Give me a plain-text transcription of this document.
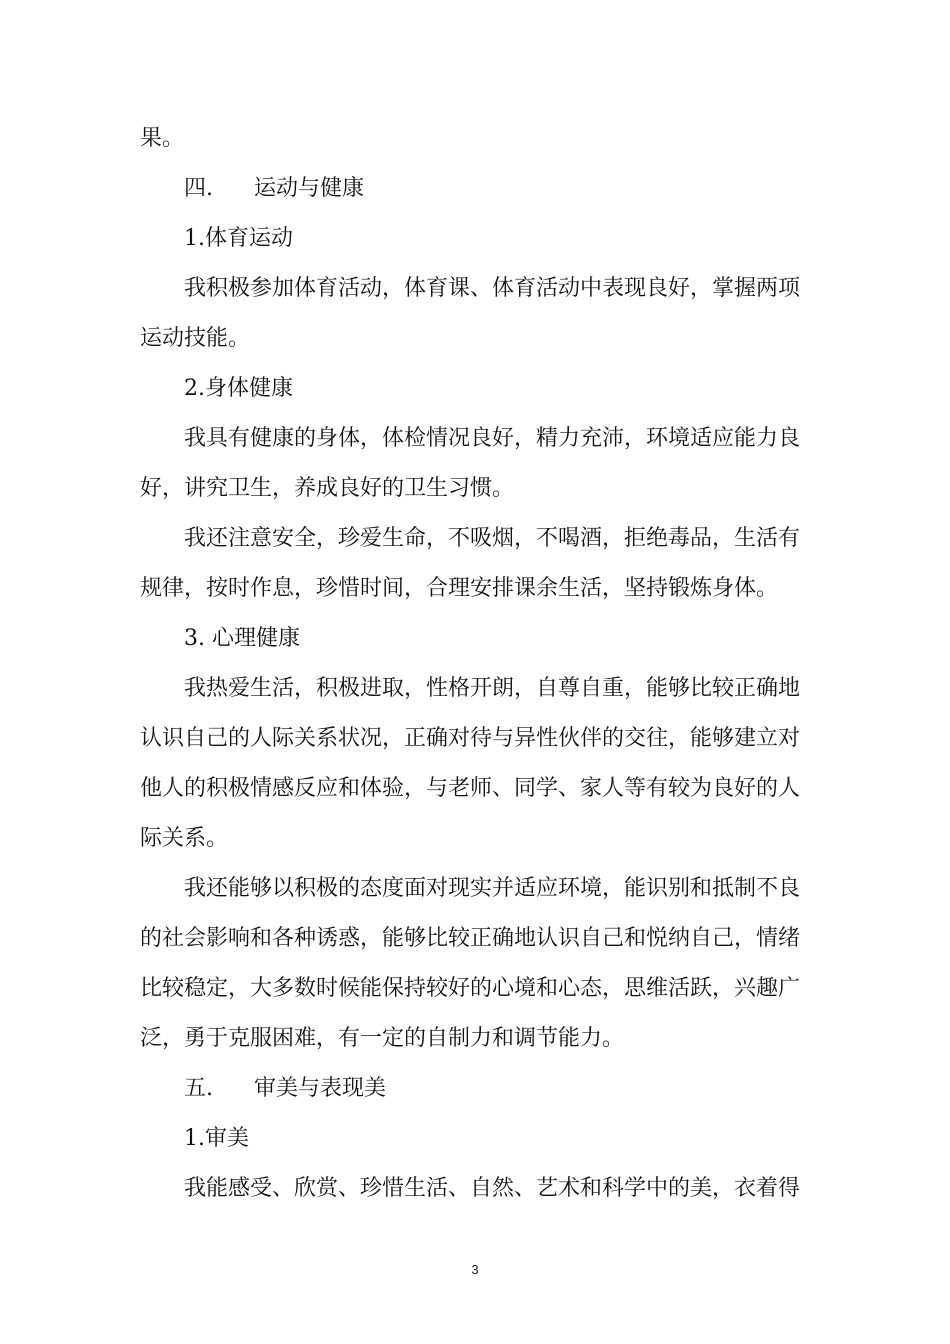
果。
四. 运动与健康
1.体育运动
我积极参加体育活动，体育课、体育活动中表现良好，掌握两项
运动技能。
2.身体健康
我具有健康的身体，体检情况良好，精力充沛，环境适应能力良
好，讲究卫生，养成良好的卫生习惯。
我还注意安全，珍爱生命，不吸烟，不喝酒，拒绝毒品，生活有
规律，按时作息，珍惜时间，合理安排课余生活，坚持锻炼身体。
3. 心理健康
我热爱生活，积极进取，性格开朗，自尊自重，能够比较正确地
认识自己的人际关系状况，正确对待与异性伙伴的交往，能够建立对
他人的积极情感反应和体验，与老师、同学、家人等有较为良好的人
际关系。
我还能够以积极的态度面对现实并适应环境，能识别和抵制不良
的社会影响和各种诱惑，能够比较正确地认识自己和悦纳自己，情绪
比较稳定，大多数时候能保持较好的心境和心态，思维活跃，兴趣广
泛，勇于克服困难，有一定的自制力和调节能力。
五. 审美与表现美
1.审美
我能感受、欣赏、珍惜生活、自然、艺术和科学中的美，衣着得
3
